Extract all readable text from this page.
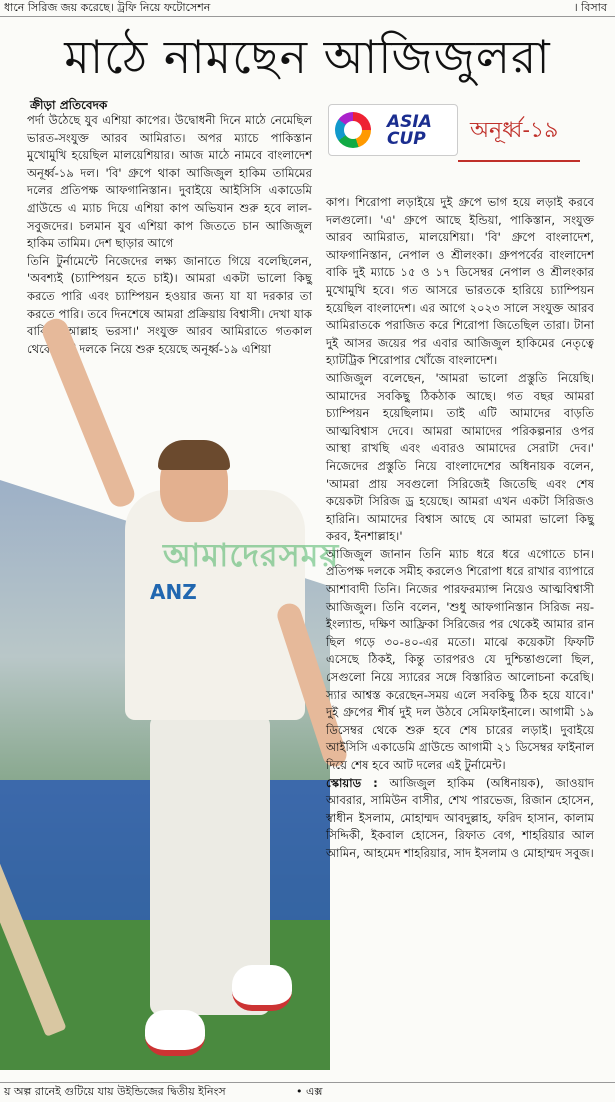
ধানে সিরিজ জয় করেছে। ট্রফি নিয়ে ফটোসেশন	। বিসাব
মাঠে নামছেন আজিজুলরা
ক্রীড়া প্রতিবেদক

পর্দা উঠেছে যুব এশিয়া কাপের। উদ্বোধনী দিনে মাঠে নেমেছিল ভারত-সংযুক্ত আরব আমিরাত। অপর ম্যাচে পাকিস্তান মুখোমুখি হয়েছিল মালয়েশিয়ার। আজ মাঠে নামবে বাংলাদেশ অনূর্ধ্ব-১৯ দল। 'বি' গ্রুপে থাকা আজিজুল হাকিম তামিমের দলের প্রতিপক্ষ আফগানিস্তান। দুবাইয়ে আইসিসি একাডেমি গ্রাউন্ডে এ ম্যাচ দিয়ে এশিয়া কাপ অভিযান শুরু হবে লাল-সবুজদের। চলমান যুব এশিয়া কাপ জিততে চান আজিজুল হাকিম তামিম। দেশ ছাড়ার আগে

তিনি টুর্নামেন্টে নিজেদের লক্ষ্য জানাতে গিয়ে বলেছিলেন, 'অবশ্যই (চ্যাম্পিয়ন হতে চাই)। আমরা একটা ভালো কিছু করতে পারি এবং চ্যাম্পিয়ন হওয়ার জন্য যা যা দরকার তা করতে পারি। তবে দিনশেষে আমরা প্রক্রিয়ায় বিশ্বাসী। দেখা যাক বাকিটা আল্লাহ ভরসা।' সংযুক্ত আরব আমিরাতে গতকাল থেকে আট দলকে নিয়ে শুরু হয়েছে অনূর্ধ্ব-১৯ এশিয়া

ANZ
ASIA
CUP অনূর্ধ্ব-১৯

কাপ। শিরোপা লড়াইয়ে দুই গ্রুপে ভাগ হয়ে লড়াই করবে দলগুলো। 'এ' গ্রুপে আছে ইন্ডিয়া, পাকিস্তান, সংযুক্ত আরব আমিরাত, মালয়েশিয়া। 'বি' গ্রুপে বাংলাদেশ, আফগানিস্তান, নেপাল ও শ্রীলংকা। গ্রুপপর্বের বাংলাদেশ বাকি দুই ম্যাচে ১৫ ও ১৭ ডিসেম্বর নেপাল ও শ্রীলংকার মুখোমুখি হবে। গত আসরে ভারতকে হারিয়ে চ্যাম্পিয়ন হয়েছিল বাংলাদেশ। এর আগে ২০২৩ সালে সংযুক্ত আরব আমিরাতকে পরাজিত করে শিরোপা জিতেছিল তারা। টানা দুই আসর জয়ের পর এবার আজিজুল হাকিমের নেতৃত্বে হ্যাটট্রিক শিরোপার খোঁজে বাংলাদেশ।

আজিজুল বলেছেন, 'আমরা ভালো প্রস্তুতি নিয়েছি। আমাদের সবকিছু ঠিকঠাক আছে। গত বছর আমরা চ্যাম্পিয়ন হয়েছিলাম। তাই এটি আমাদের বাড়তি আত্মবিশ্বাস দেবে। আমরা আমাদের পরিকল্পনার ওপর আস্থা রাখছি এবং এবারও আমাদের সেরাটা দেব।' নিজেদের প্রস্তুতি নিয়ে বাংলাদেশের অধিনায়ক বলেন, 'আমরা প্রায় সবগুলো সিরিজেই জিতেছি এবং শেষ কয়েকটা সিরিজ ড্র হয়েছে। আমরা এখন একটা সিরিজও হারিনি। আমাদের বিশ্বাস আছে যে আমরা ভালো কিছু করব, ইনশাল্লাহ।'

আজিজুল জানান তিনি ম্যাচ ধরে ধরে এগোতে চান। প্রতিপক্ষ দলকে সমীহ করলেও শিরোপা ধরে রাখার ব্যাপারে আশাবাদী তিনি। নিজের পারফরম্যান্স নিয়েও আত্মবিশ্বাসী আজিজুল। তিনি বলেন, 'শুধু আফগানিস্তান সিরিজ নয়-ইংল্যান্ড, দক্ষিণ আফ্রিকা সিরিজের পর থেকেই আমার রান ছিল গড়ে ৩০-৪০-এর মতো। মাঝে কয়েকটা ফিফটি এসেছে ঠিকই, কিন্তু তারপরও যে দুশ্চিন্তাগুলো ছিল, সেগুলো নিয়ে স্যারের সঙ্গে বিস্তারিত আলোচনা করেছি। স্যার আশ্বস্ত করেছেন-সময় এলে সবকিছু ঠিক হয়ে যাবে।' দুই গ্রুপের শীর্ষ দুই দল উঠবে সেমিফাইনালে। আগামী ১৯ ডিসেম্বর থেকে শুরু হবে শেষ চারের লড়াই। দুবাইয়ে আইসিসি একাডেমি গ্রাউন্ডে আগামী ২১ ডিসেম্বর ফাইনাল দিয়ে শেষ হবে আট দলের এই টুর্নামেন্ট।

স্কোয়াড : আজিজুল হাকিম (অধিনায়ক), জাওয়াদ আবরার, সামিউন বাসীর, শেখ পারভেজ, রিজান হোসেন, স্বাধীন ইসলাম, মোহাম্মদ আবদুল্লাহ, ফরিদ হাসান, কালাম সিদ্দিকী, ইকবাল হোসেন, রিফাত বেগ, শাহরিয়ার আল আমিন, আহমেদ শাহরিয়ার, সাদ ইসলাম ও মোহাম্মদ সবুজ।

আমাদেরসময়
য় অল্প রানেই গুটিয়ে যায় উইন্ডিজের দ্বিতীয় ইনিংস	• এক্স
